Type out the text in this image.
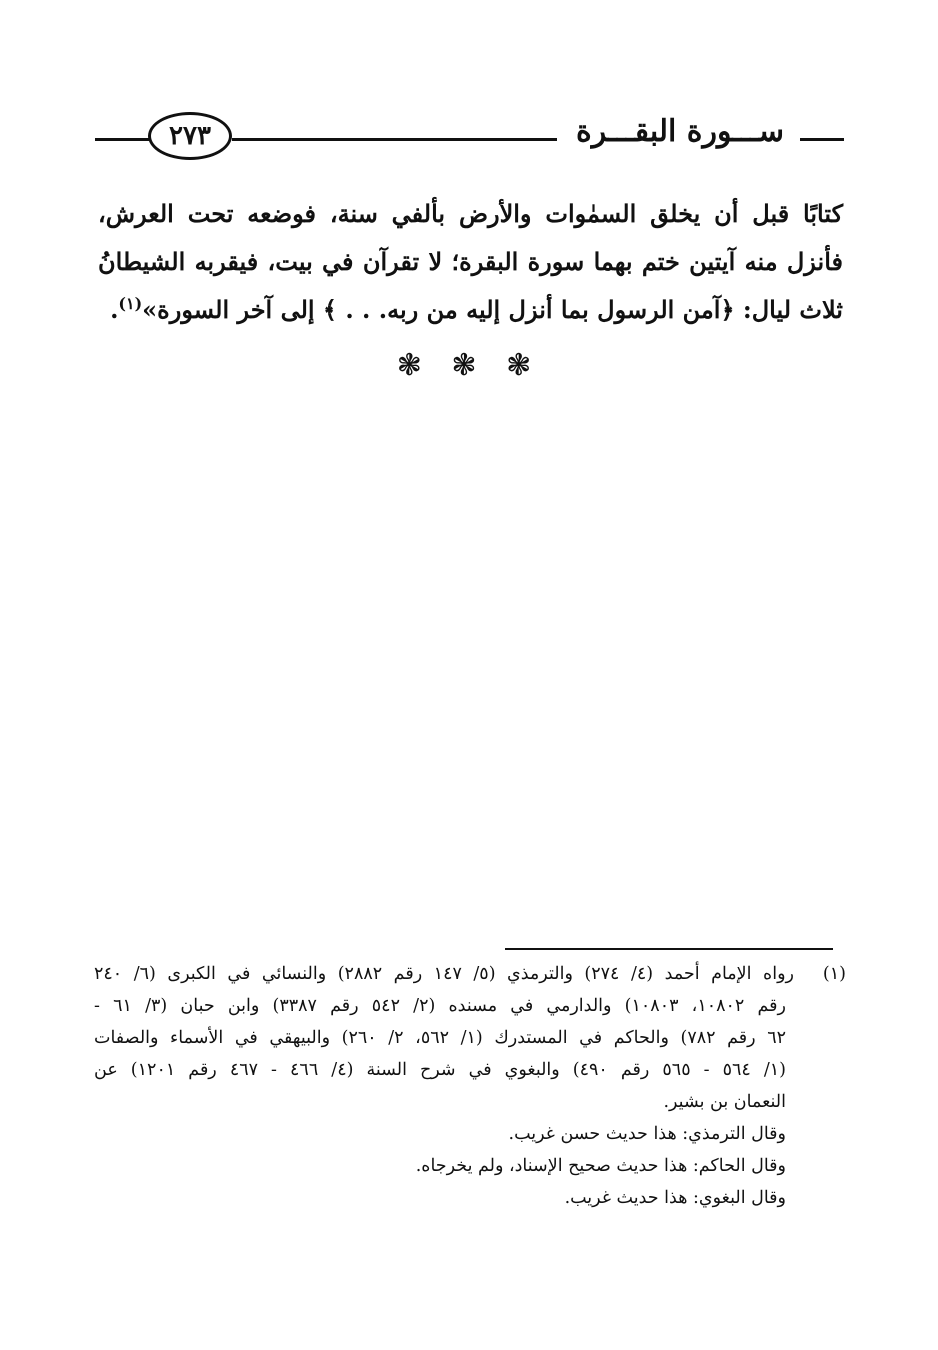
٢٧٣	ســـورة البقـــرة
كتابًا قبل أن يخلق السمٰوات والأرض بألفي سنة، فوضعه تحت العرش،
فأنزل منه آيتين ختم بهما سورة البقرة؛ لا تقرآن في بيت، فيقربه الشيطانُ
ثلاث ليال: ﴿آمن الرسول بما أنزل إليه من ربه. . . ﴾ إلى آخر السورة»$^{(١)}$.
❃ ❃ ❃
(١)رواه الإمام أحمد (٤/ ٢٧٤) والترمذي (٥/ ١٤٧ رقم ٢٨٨٢) والنسائي في الكبرى (٦/ ٢٤٠
رقم ١٠٨٠٢، ١٠٨٠٣) والدارمي في مسنده (٢/ ٥٤٢ رقم ٣٣٨٧) وابن حبان (٣/ ٦١ -
٦٢ رقم ٧٨٢) والحاكم في المستدرك (١/ ٥٦٢، ٢/ ٢٦٠) والبيهقي في الأسماء والصفات
(١/ ٥٦٤ - ٥٦٥ رقم ٤٩٠) والبغوي في شرح السنة (٤/ ٤٦٦ - ٤٦٧ رقم ١٢٠١) عن
النعمان بن بشير.
وقال الترمذي: هذا حديث حسن غريب.
وقال الحاكم: هذا حديث صحيح الإسناد، ولم يخرجاه.
وقال البغوي: هذا حديث غريب.
